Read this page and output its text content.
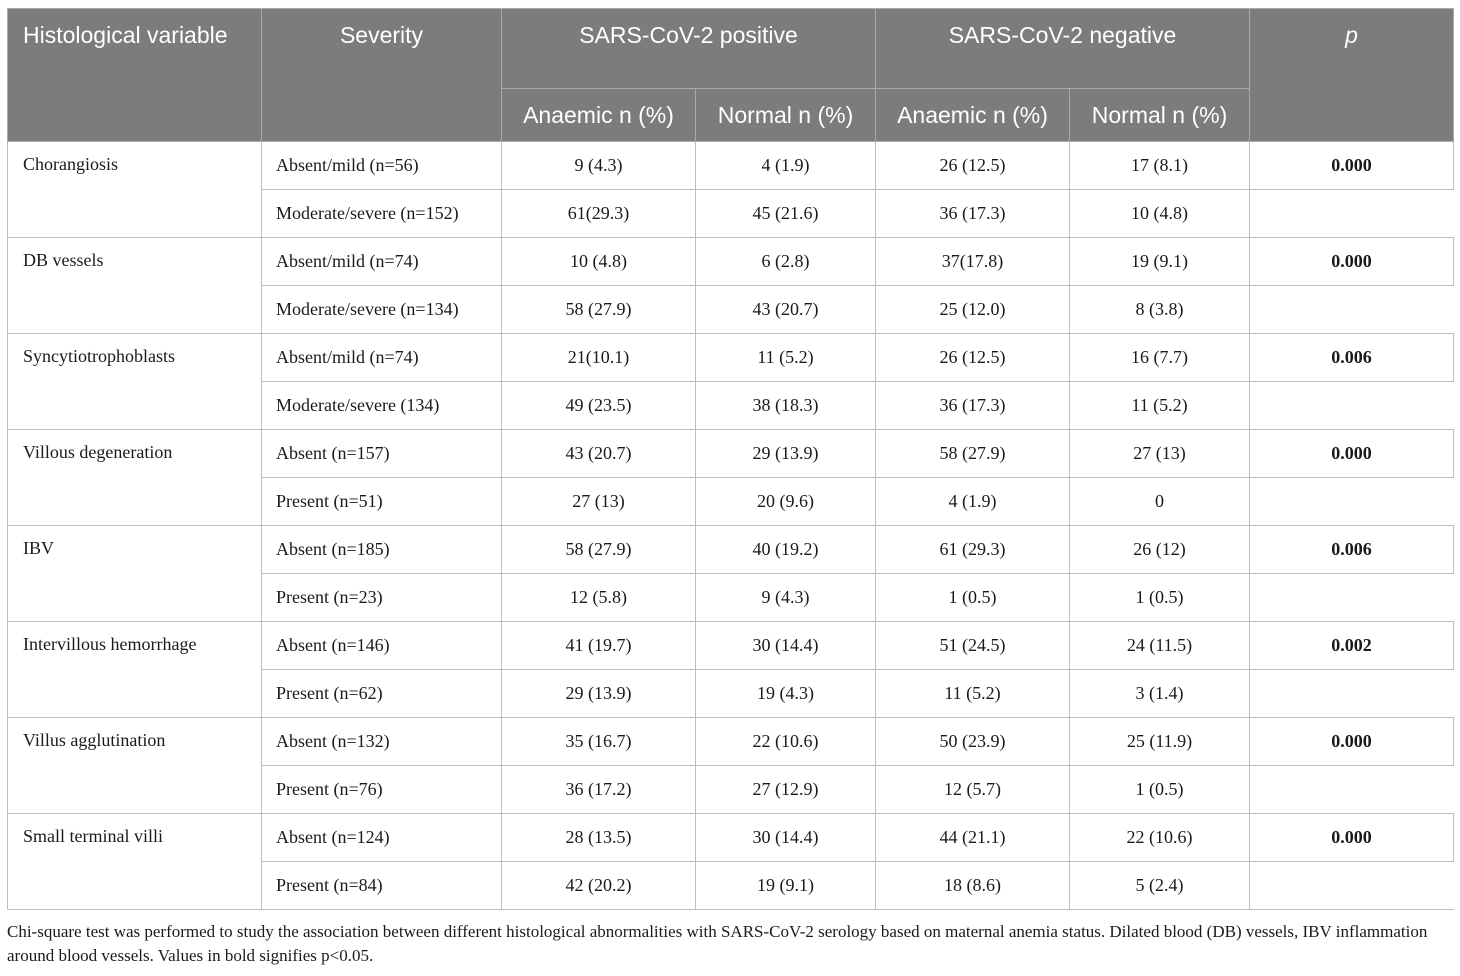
Histological variable	Severity	SARS-CoV-2 positive		SARS-CoV-2 negative		p
		Anaemic n (%)	Normal n (%)	Anaemic n (%)	Normal n (%)	
Chorangiosis	Absent/mild (n=56)	9 (4.3)	4 (1.9)	26 (12.5)	17 (8.1)	0.000
	Moderate/severe (n=152)	61(29.3)	45 (21.6)	36 (17.3)	10 (4.8)	
DB vessels	Absent/mild (n=74)	10 (4.8)	6 (2.8)	37(17.8)	19 (9.1)	0.000
	Moderate/severe (n=134)	58 (27.9)	43 (20.7)	25 (12.0)	8 (3.8)	
Syncytiotrophoblasts	Absent/mild (n=74)	21(10.1)	11 (5.2)	26 (12.5)	16 (7.7)	0.006
	Moderate/severe (134)	49 (23.5)	38 (18.3)	36 (17.3)	11 (5.2)	
Villous degeneration	Absent (n=157)	43 (20.7)	29 (13.9)	58 (27.9)	27 (13)	0.000
	Present (n=51)	27 (13)	20 (9.6)	4 (1.9)	0	
IBV	Absent (n=185)	58 (27.9)	40 (19.2)	61 (29.3)	26 (12)	0.006
	Present (n=23)	12 (5.8)	9 (4.3)	1 (0.5)	1 (0.5)	
Intervillous hemorrhage	Absent (n=146)	41 (19.7)	30 (14.4)	51 (24.5)	24 (11.5)	0.002
	Present (n=62)	29 (13.9)	19 (4.3)	11 (5.2)	3 (1.4)	
Villus agglutination	Absent (n=132)	35 (16.7)	22 (10.6)	50 (23.9)	25 (11.9)	0.000
	Present (n=76)	36 (17.2)	27 (12.9)	12 (5.7)	1 (0.5)	
Small terminal villi	Absent (n=124)	28 (13.5)	30 (14.4)	44 (21.1)	22 (10.6)	0.000
	Present (n=84)	42 (20.2)	19 (9.1)	18 (8.6)	5 (2.4)	

Chi-square test was performed to study the association between different histological abnormalities with SARS-CoV-2 serology based on maternal anemia status. Dilated blood (DB) vessels, IBV inflammation around blood vessels. Values in bold signifies p<0.05.
